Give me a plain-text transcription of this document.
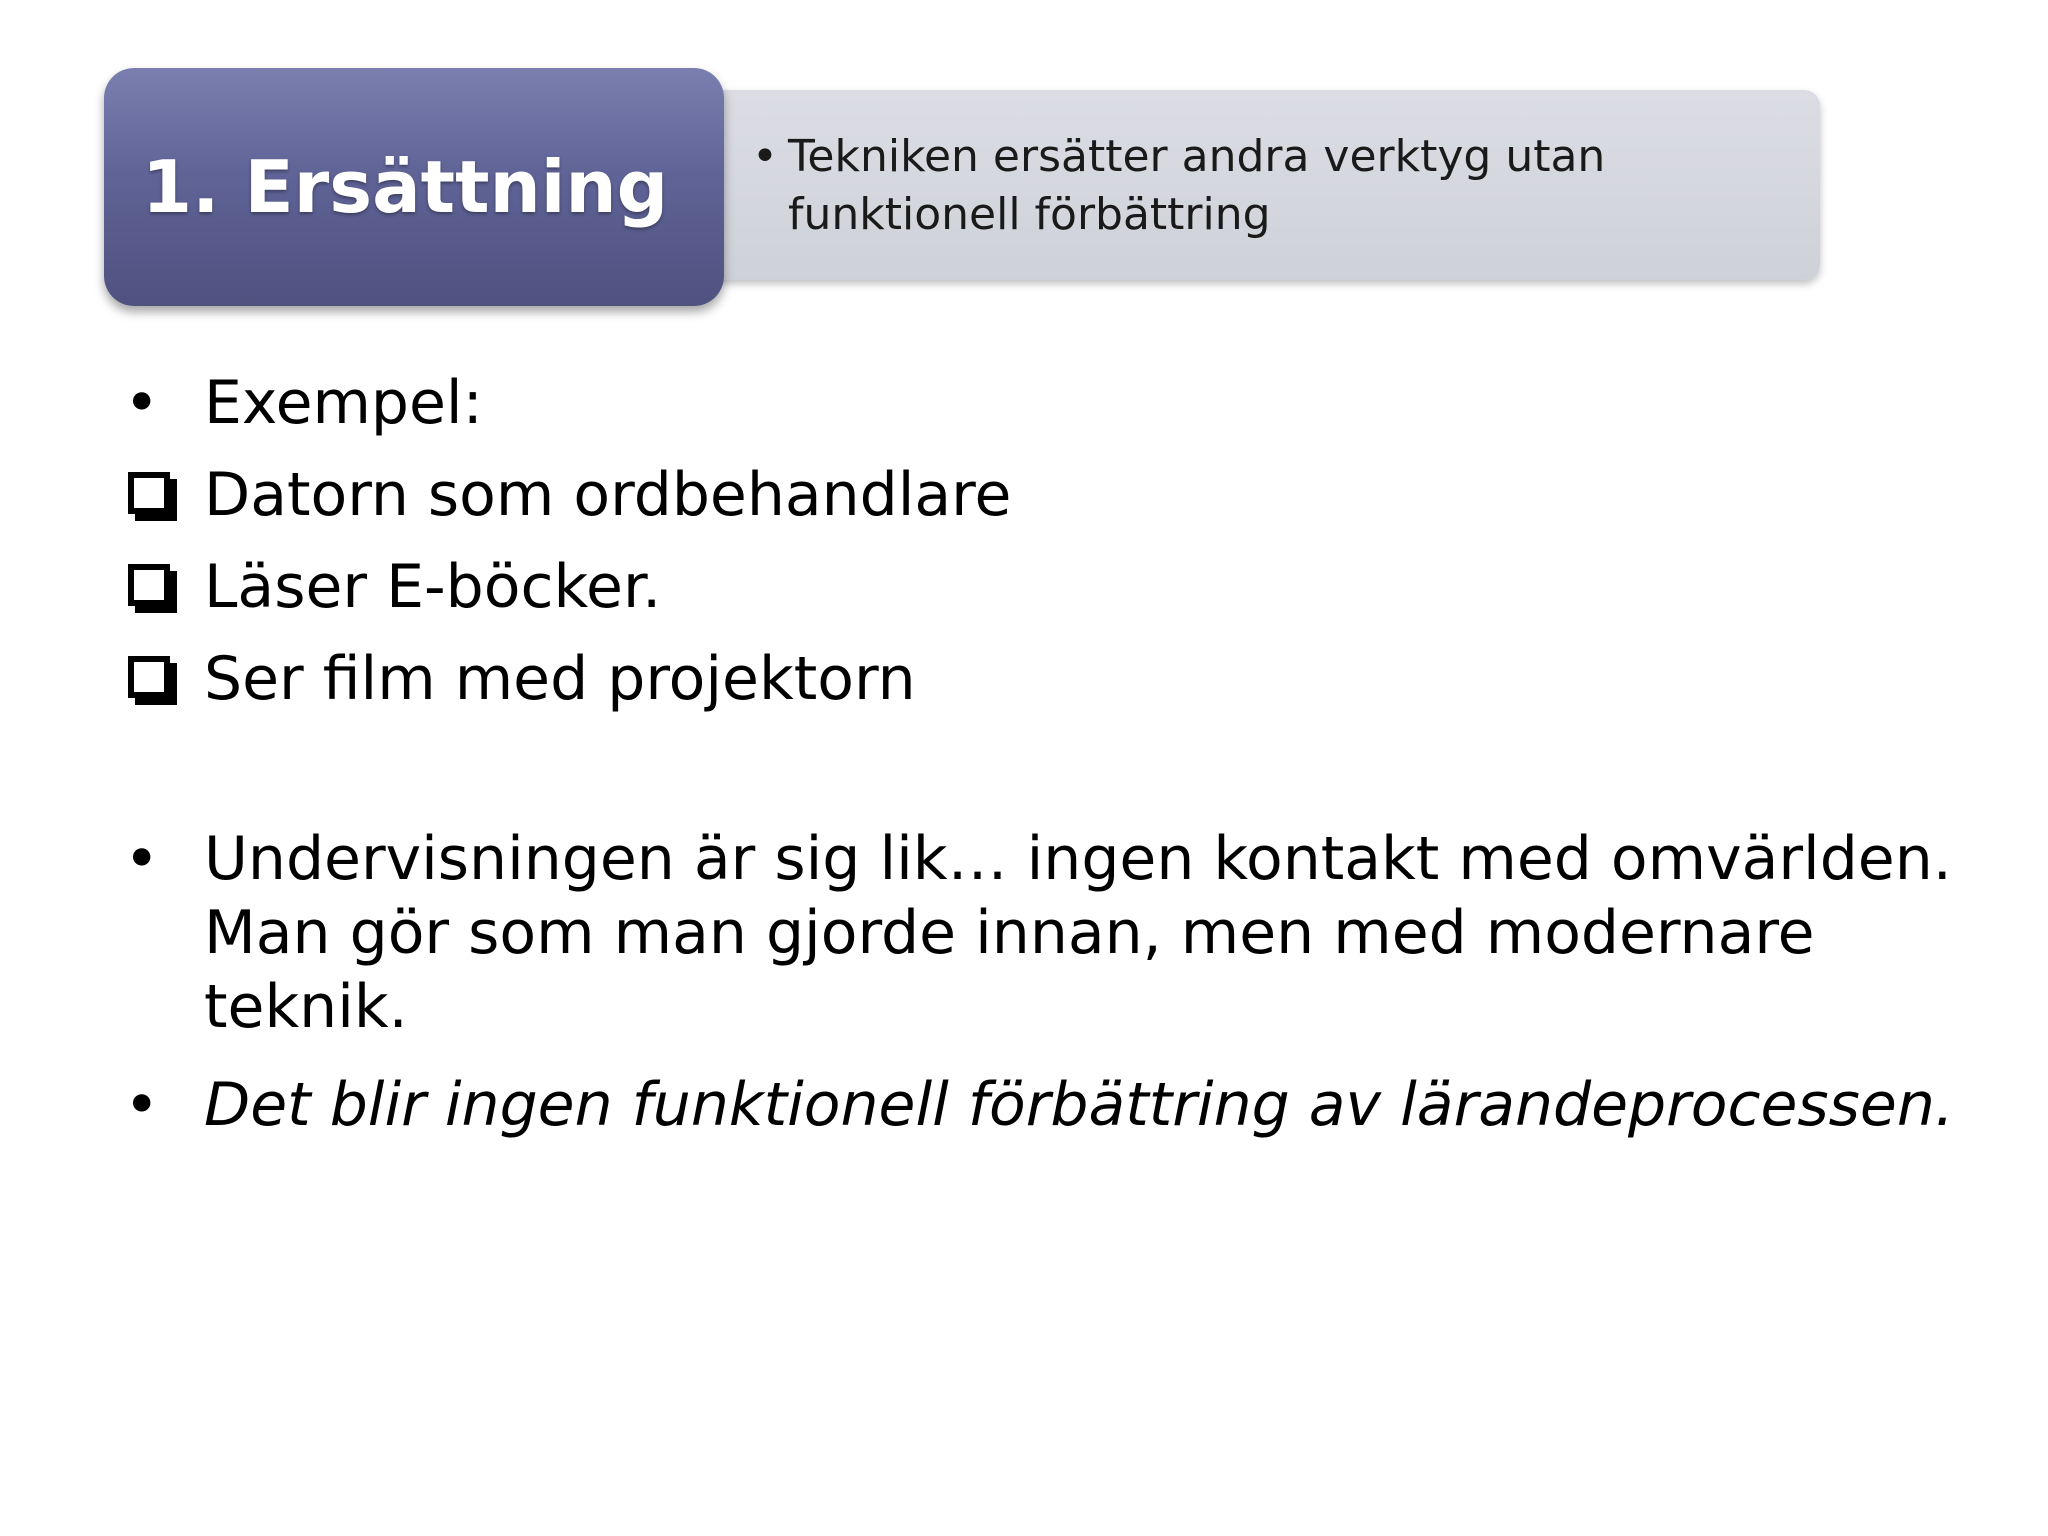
• Tekniken ersätter andra verktyg utan funktionell förbättring
1. Ersättning
• Exempel:
Datorn som ordbehandlare
Läser E-böcker.
Ser film med projektorn
• Undervisningen är sig lik… ingen kontakt med omvärlden. Man gör som man gjorde innan, men med modernare teknik.
• Det blir ingen funktionell förbättring av lärandeprocessen.
